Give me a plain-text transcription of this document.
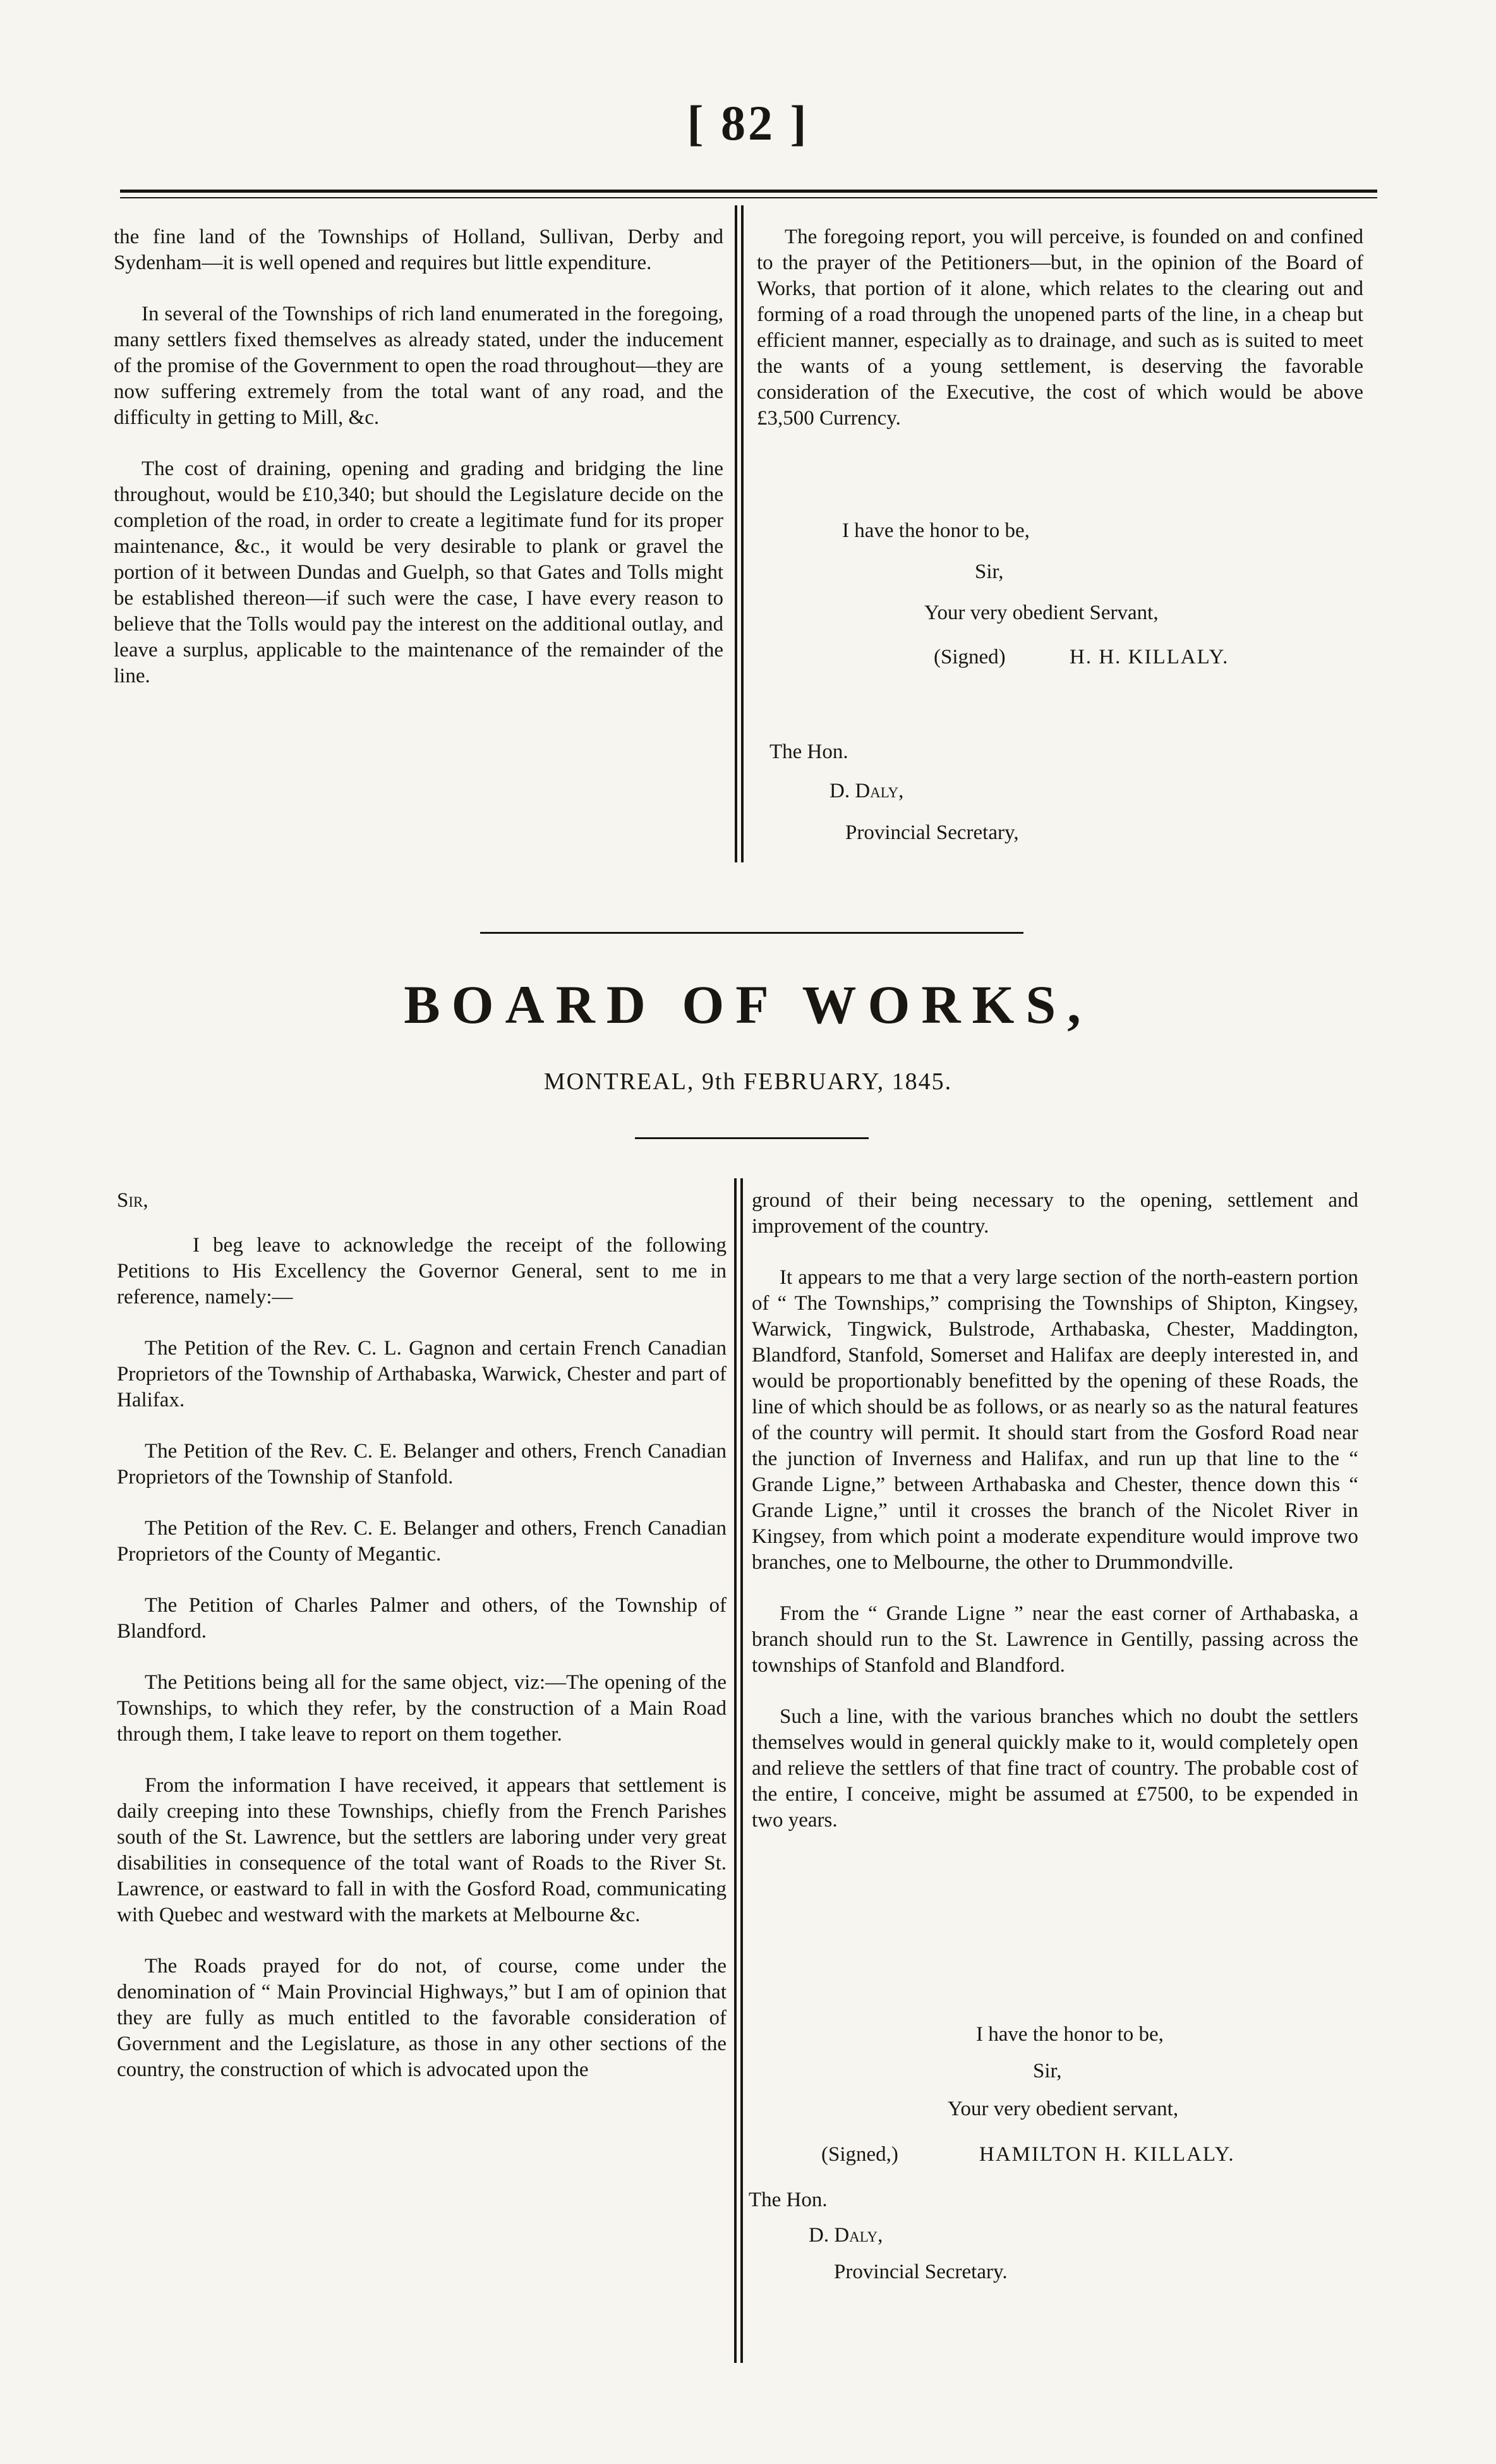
[ 82 ]

the fine land of the Townships of Holland, Sullivan, Derby and Sydenham—it is well opened and requires but little expenditure.

In several of the Townships of rich land enumerated in the foregoing, many settlers fixed themselves as already stated, under the inducement of the promise of the Government to open the road throughout—they are now suffering extremely from the total want of any road, and the difficulty in getting to Mill, &c.

The cost of draining, opening and grading and bridging the line throughout, would be £10,340; but should the Legislature decide on the completion of the road, in order to create a legitimate fund for its proper maintenance, &c., it would be very desirable to plank or gravel the portion of it between Dundas and Guelph, so that Gates and Tolls might be established thereon—if such were the case, I have every reason to believe that the Tolls would pay the interest on the additional outlay, and leave a surplus, applicable to the maintenance of the remainder of the line.

The foregoing report, you will perceive, is founded on and confined to the prayer of the Petitioners—but, in the opinion of the Board of Works, that portion of it alone, which relates to the clearing out and forming of a road through the unopened parts of the line, in a cheap but efficient manner, especially as to drainage, and such as is suited to meet the wants of a young settlement, is deserving the favorable consideration of the Executive, the cost of which would be above £3,500 Currency.

I have the honor to be,
Sir,
Your very obedient Servant,
(Signed)	H. H. KILLALY.
The Hon.
D. Daly,
Provincial Secretary,
BOARD OF WORKS,
MONTREAL, 9th FEBRUARY, 1845.

Sir,

I beg leave to acknowledge the receipt of the following Petitions to His Excellency the Governor General, sent to me in reference, namely:—

The Petition of the Rev. C. L. Gagnon and certain French Canadian Proprietors of the Township of Arthabaska, Warwick, Chester and part of Halifax.

The Petition of the Rev. C. E. Belanger and others, French Canadian Proprietors of the Township of Stanfold.

The Petition of the Rev. C. E. Belanger and others, French Canadian Proprietors of the County of Megantic.

The Petition of Charles Palmer and others, of the Township of Blandford.

The Petitions being all for the same object, viz:—The opening of the Townships, to which they refer, by the construction of a Main Road through them, I take leave to report on them together.

From the information I have received, it appears that settlement is daily creeping into these Townships, chiefly from the French Parishes south of the St. Lawrence, but the settlers are laboring under very great disabilities in consequence of the total want of Roads to the River St. Lawrence, or eastward to fall in with the Gosford Road, communicating with Quebec and westward with the markets at Melbourne &c.

The Roads prayed for do not, of course, come under the denomination of “ Main Provincial Highways,” but I am of opinion that they are fully as much entitled to the favorable consideration of Government and the Legislature, as those in any other sections of the country, the construction of which is advocated upon the

ground of their being necessary to the opening, settlement and improvement of the country.

It appears to me that a very large section of the north-eastern portion of “ The Townships,” comprising the Townships of Shipton, Kingsey, Warwick, Tingwick, Bulstrode, Arthabaska, Chester, Maddington, Blandford, Stanfold, Somerset and Halifax are deeply interested in, and would be proportionably benefitted by the opening of these Roads, the line of which should be as follows, or as nearly so as the natural features of the country will permit. It should start from the Gosford Road near the junction of Inverness and Halifax, and run up that line to the “ Grande Ligne,” between Arthabaska and Chester, thence down this “ Grande Ligne,” until it crosses the branch of the Nicolet River in Kingsey, from which point a moderate expenditure would improve two branches, one to Melbourne, the other to Drummondville.

From the “ Grande Ligne ” near the east corner of Arthabaska, a branch should run to the St. Lawrence in Gentilly, passing across the townships of Stanfold and Blandford.

Such a line, with the various branches which no doubt the settlers themselves would in general quickly make to it, would completely open and relieve the settlers of that fine tract of country. The probable cost of the entire, I conceive, might be assumed at £7500, to be expended in two years.

I have the honor to be,
Sir,
Your very obedient servant,
(Signed,)	HAMILTON H. KILLALY.
The Hon.
D. Daly,
Provincial Secretary.
